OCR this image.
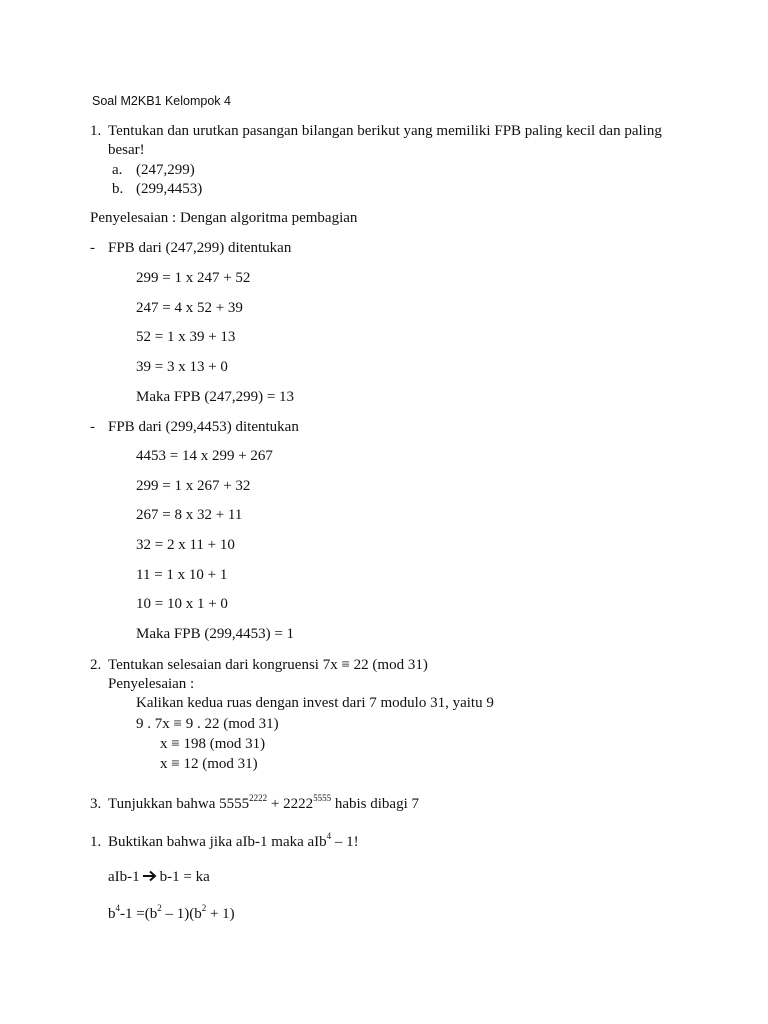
Soal M2KB1 Kelompok 4
1. Tentukan dan urutkan pasangan bilangan berikut yang memiliki FPB paling kecil dan paling
besar!
a. (247,299)
b. (299,4453)
Penyelesaian : Dengan algoritma pembagian
- FPB dari (247,299) ditentukan
299 = 1 x 247 + 52
247 = 4 x 52 + 39
52 = 1 x 39 + 13
39 = 3 x 13 + 0
Maka FPB (247,299) = 13
- FPB dari (299,4453) ditentukan
4453 = 14 x 299 + 267
299 = 1 x 267 + 32
267 = 8 x 32 + 11
32 = 2 x 11 + 10
11 = 1 x 10 + 1
10 = 10 x 1 + 0
Maka FPB (299,4453) = 1
2. Tentukan selesaian dari kongruensi 7x ≡ 22 (mod 31)
Penyelesaian :
Kalikan kedua ruas dengan invest dari 7 modulo 31, yaitu 9
9 . 7x ≡ 9 . 22 (mod 31)
x ≡ 198 (mod 31)
x ≡ 12 (mod 31)
3. Tunjukkan bahwa $5555^{2222} + 2222^{5555}$ habis dibagi 7
1. Buktikan bahwa jika aIb-1 maka aIb$^4$ – 1!
aIb-1 b-1 = ka
$b^4-1 =(b^2 - 1)(b^2 + 1)$
